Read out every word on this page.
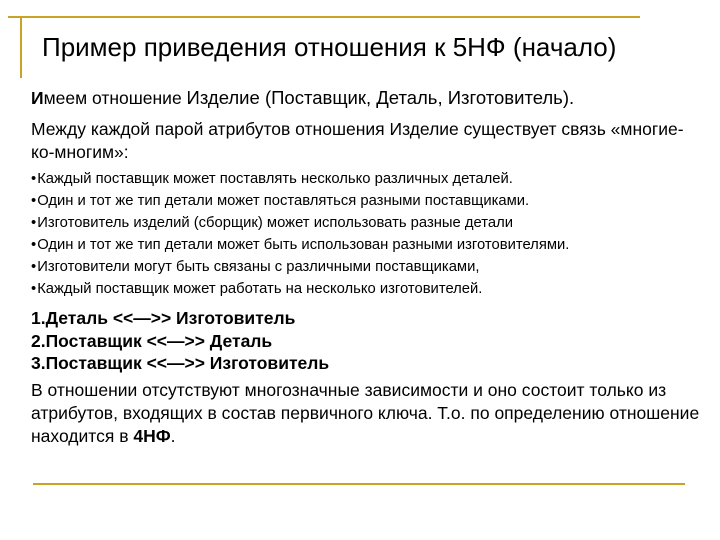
Пример приведения отношения к 5НФ (начало)

Имеем отношение Изделие (Поставщик, Деталь, Изготовитель).

Между каждой парой атрибутов отношения Изделие существует связь «многие-ко-многим»:

•Каждый поставщик может поставлять несколько различных деталей.
•Один и тот же тип детали может поставляться разными поставщиками.
•Изготовитель изделий (сборщик) может использовать разные детали
•Один и тот же тип детали может быть использован разными изготовителями.
•Изготовители могут быть связаны с различными поставщиками,
•Каждый поставщик может работать на несколько изготовителей.
1.Деталь <<—>> Изготовитель
2.Поставщик <<—>> Деталь
3.Поставщик <<—>> Изготовитель

В отношении отсутствуют многозначные зависимости и оно состоит только из атрибутов, входящих в состав первичного ключа. Т.о. по определению отношение находится в 4НФ.
